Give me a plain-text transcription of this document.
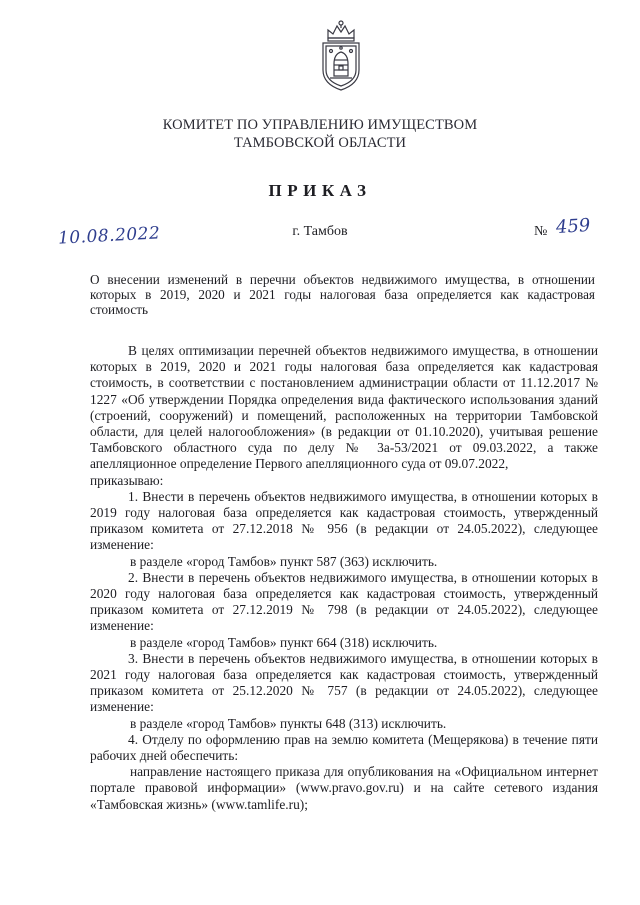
КОМИТЕТ ПО УПРАВЛЕНИЮ ИМУЩЕСТВОМ
ТАМБОВСКОЙ ОБЛАСТИ
ПРИКАЗ
10.08.2022	г. Тамбов	№ 459

О внесении изменений в перечни объектов недвижимого имущества, в отношении которых в 2019, 2020 и 2021 годы налоговая база определяется как кадастровая стоимость

В целях оптимизации перечней объектов недвижимого имущества, в отношении которых в 2019, 2020 и 2021 годы налоговая база определяется как кадастровая стоимость, в соответствии с постановлением администрации области от 11.12.2017 № 1227 «Об утверждении Порядка определения вида фактического использования зданий (строений, сооружений) и помещений, расположенных на территории Тамбовской области, для целей налогообложения» (в редакции от 01.10.2020), учитывая решение Тамбовского областного суда по делу № 3а-53/2021 от 09.03.2022, а также апелляционное определение Первого апелляционного суда от 09.07.2022,

приказываю:

1. Внести в перечень объектов недвижимого имущества, в отношении которых в 2019 году налоговая база определяется как кадастровая стоимость, утвержденный приказом комитета от 27.12.2018 № 956 (в редакции от 24.05.2022), следующее изменение:

в разделе «город Тамбов» пункт 587 (363) исключить.

2. Внести в перечень объектов недвижимого имущества, в отношении которых в 2020 году налоговая база определяется как кадастровая стоимость, утвержденный приказом комитета от 27.12.2019 № 798 (в редакции от 24.05.2022), следующее изменение:

в разделе «город Тамбов» пункт 664 (318) исключить.

3. Внести в перечень объектов недвижимого имущества, в отношении которых в 2021 году налоговая база определяется как кадастровая стоимость, утвержденный приказом комитета от 25.12.2020 № 757 (в редакции от 24.05.2022), следующее изменение:

в разделе «город Тамбов» пункты 648 (313) исключить.

4. Отделу по оформлению прав на землю комитета (Мещерякова) в течение пяти рабочих дней обеспечить:

направление настоящего приказа для опубликования на «Официальном интернет портале правовой информации» (www.pravo.gov.ru) и на сайте сетевого издания «Тамбовская жизнь» (www.tamlife.ru);
